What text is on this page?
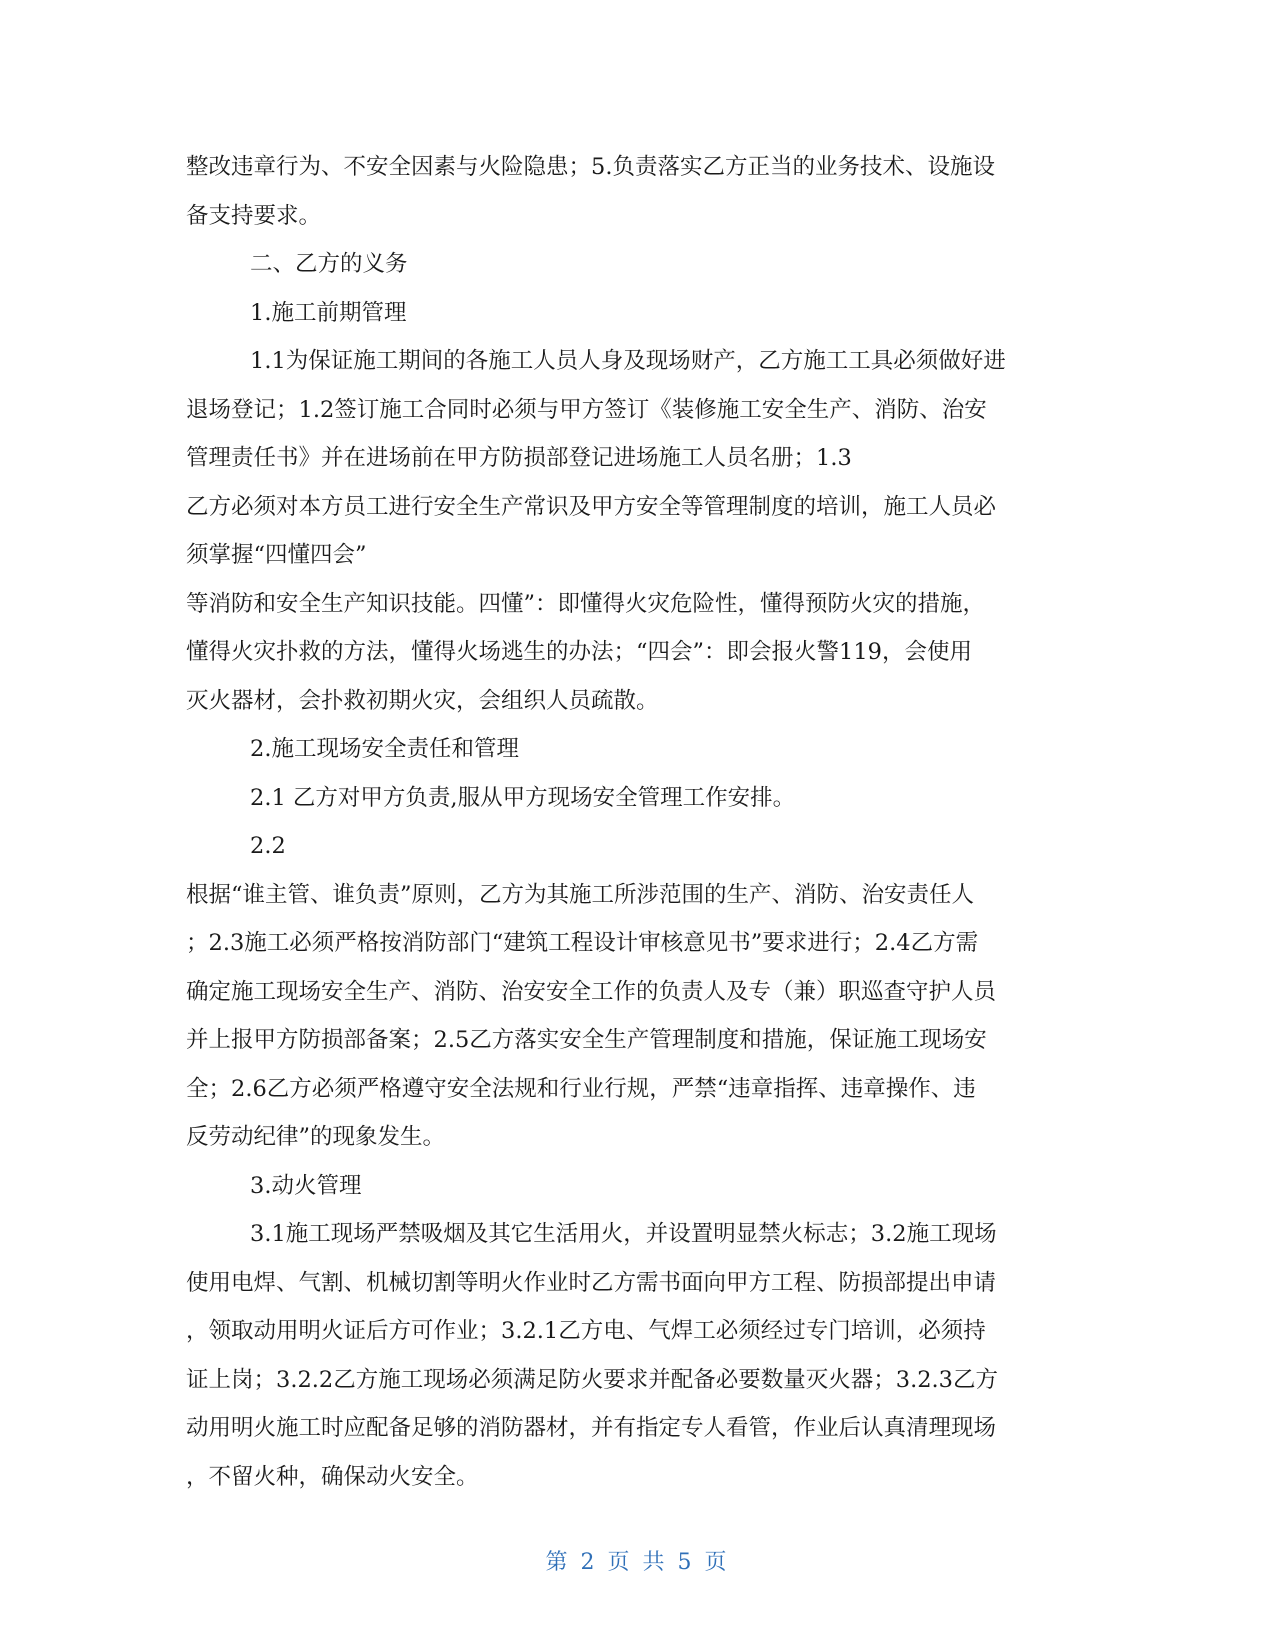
整改违章行为、不安全因素与火险隐患；5.负责落实乙方正当的业务技术、设施设
备支持要求。
二、乙方的义务
1.施工前期管理
1.1为保证施工期间的各施工人员人身及现场财产，乙方施工工具必须做好进
退场登记；1.2签订施工合同时必须与甲方签订《装修施工安全生产、消防、治安
管理责任书》并在进场前在甲方防损部登记进场施工人员名册；1.3
乙方必须对本方员工进行安全生产常识及甲方安全等管理制度的培训，施工人员必
须掌握“四懂四会”
等消防和安全生产知识技能。四懂”：即懂得火灾危险性，懂得预防火灾的措施，
懂得火灾扑救的方法，懂得火场逃生的办法；“四会”：即会报火警119，会使用
灭火器材，会扑救初期火灾，会组织人员疏散。
2.施工现场安全责任和管理
2.1 乙方对甲方负责,服从甲方现场安全管理工作安排。
2.2
根据“谁主管、谁负责”原则，乙方为其施工所涉范围的生产、消防、治安责任人
；2.3施工必须严格按消防部门“建筑工程设计审核意见书”要求进行；2.4乙方需
确定施工现场安全生产、消防、治安安全工作的负责人及专（兼）职巡查守护人员
并上报甲方防损部备案；2.5乙方落实安全生产管理制度和措施，保证施工现场安
全；2.6乙方必须严格遵守安全法规和行业行规，严禁“违章指挥、违章操作、违
反劳动纪律”的现象发生。
3.动火管理
3.1施工现场严禁吸烟及其它生活用火，并设置明显禁火标志；3.2施工现场
使用电焊、气割、机械切割等明火作业时乙方需书面向甲方工程、防损部提出申请
，领取动用明火证后方可作业；3.2.1乙方电、气焊工必须经过专门培训，必须持
证上岗；3.2.2乙方施工现场必须满足防火要求并配备必要数量灭火器；3.2.3乙方
动用明火施工时应配备足够的消防器材，并有指定专人看管，作业后认真清理现场
，不留火种，确保动火安全。
第 2 页 共 5 页
